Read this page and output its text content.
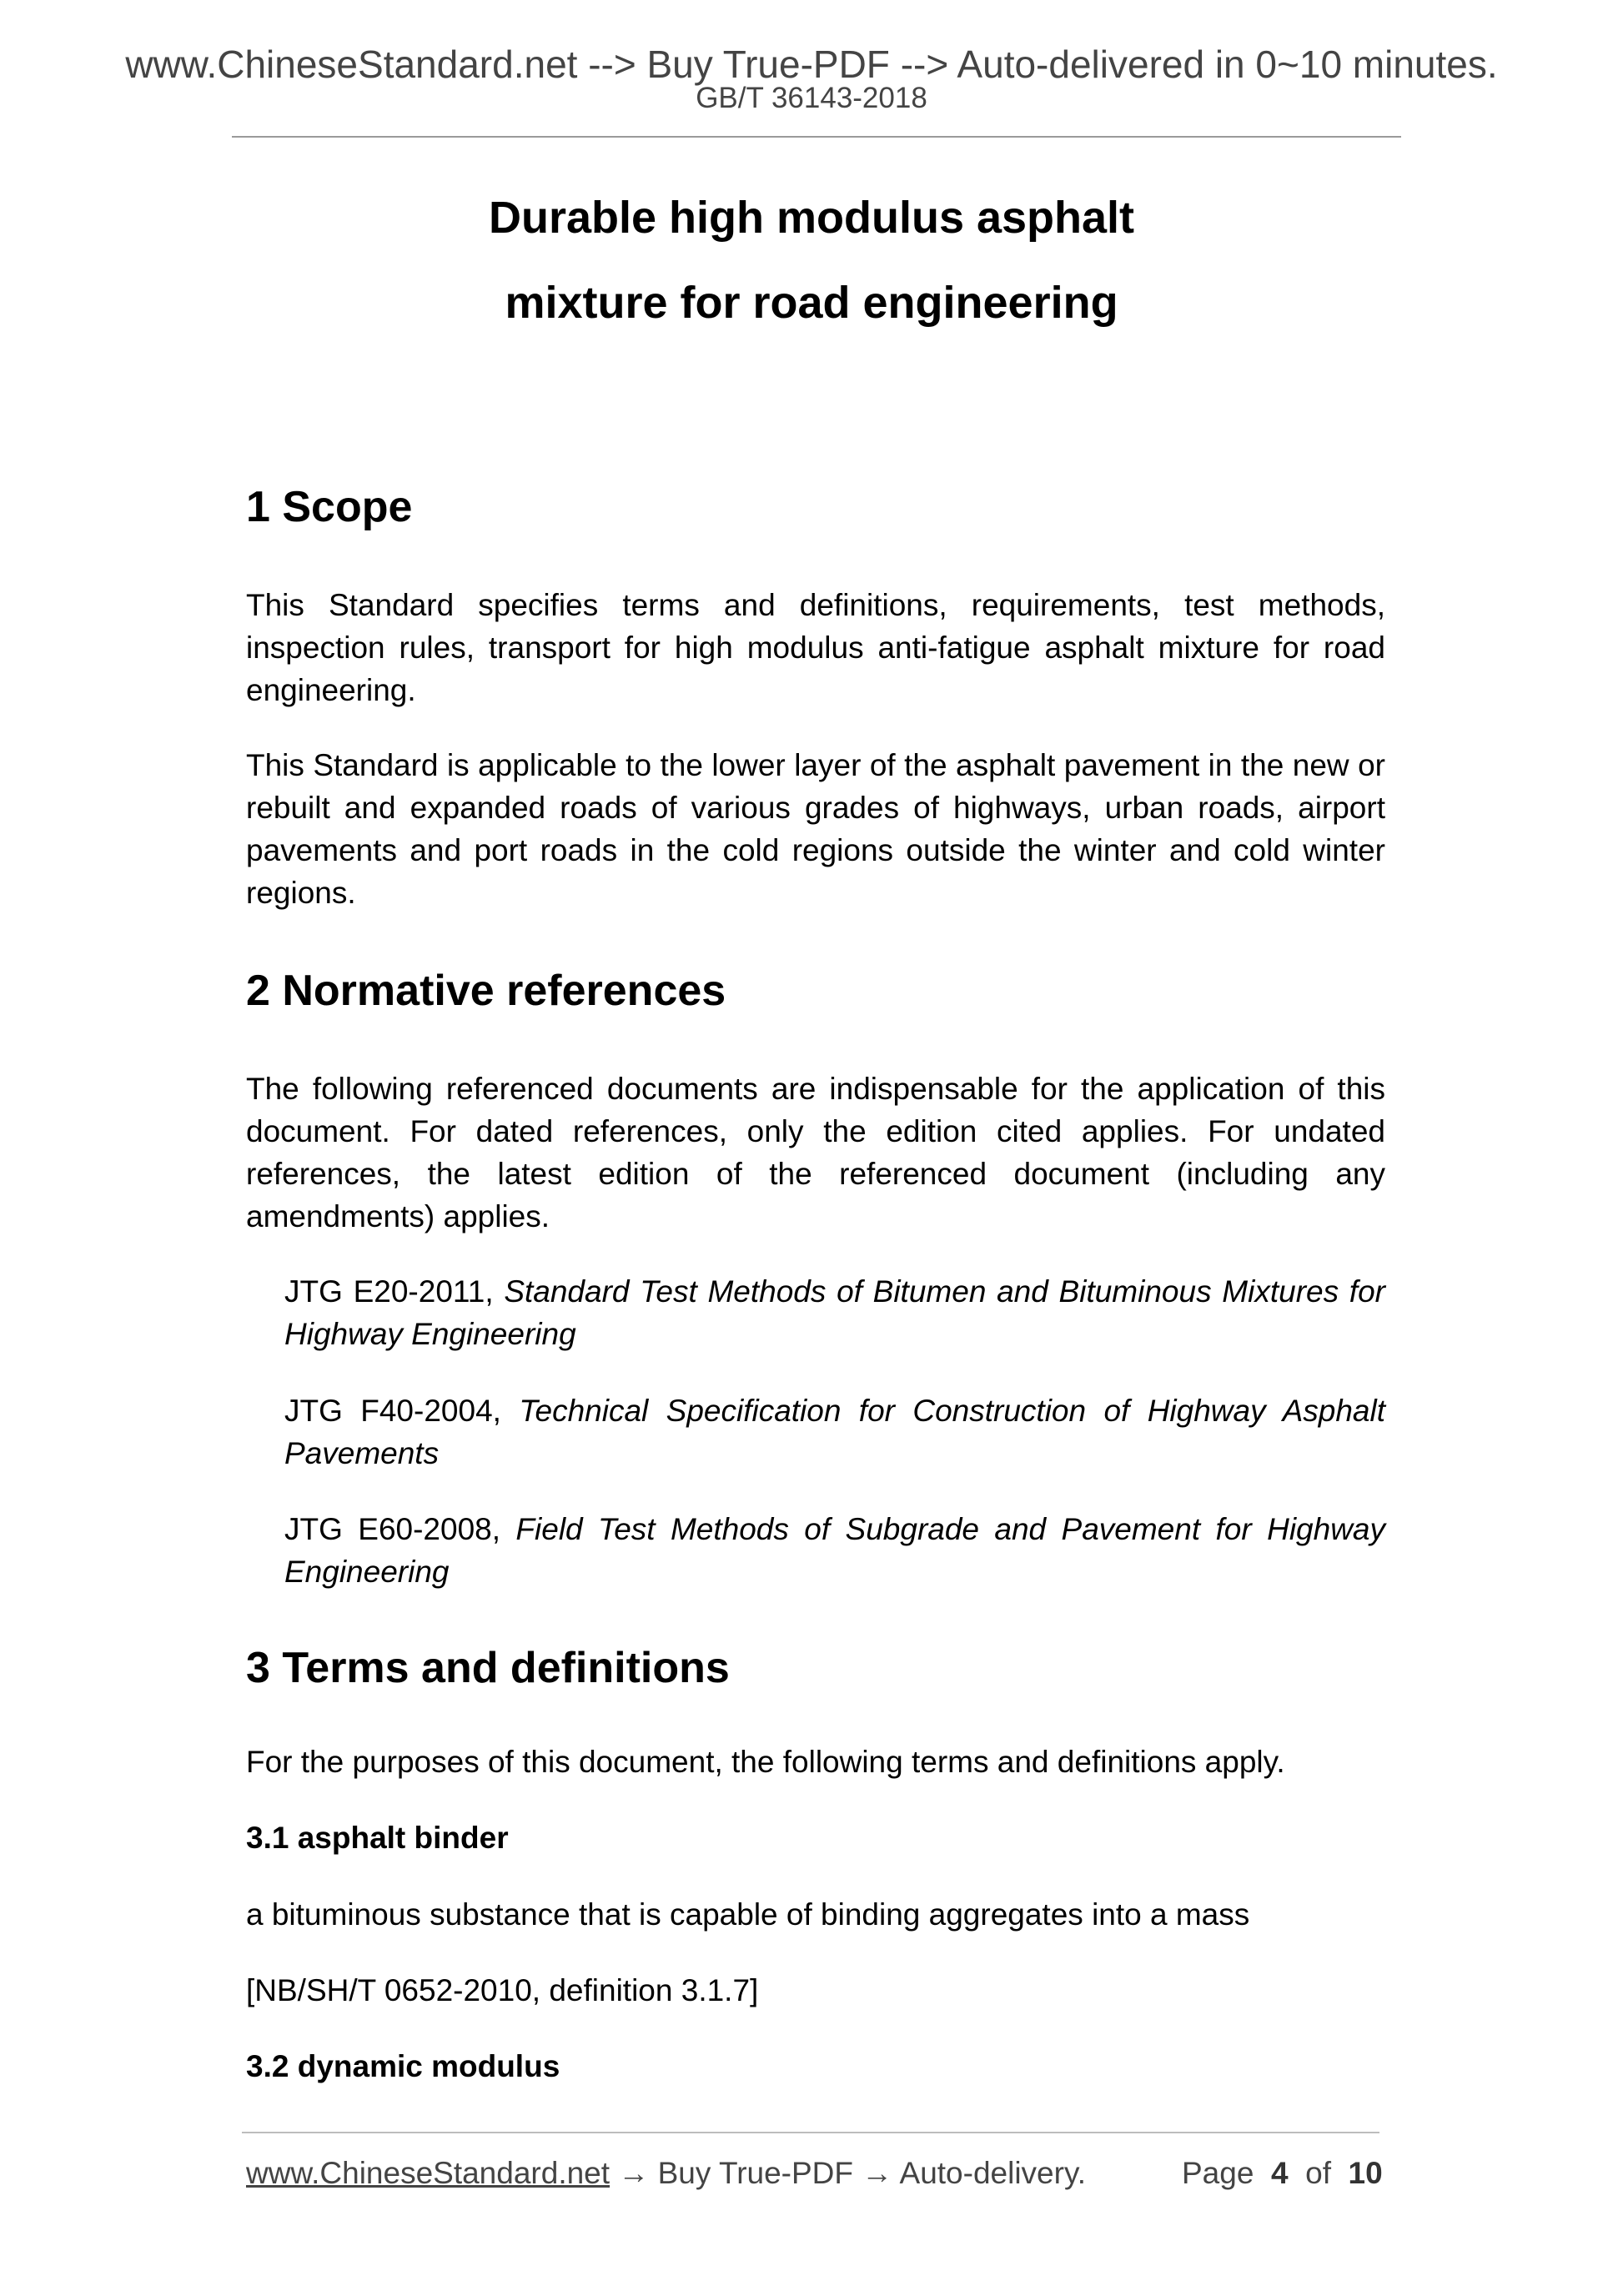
www.ChineseStandard.net --> Buy True-PDF --> Auto-delivered in 0~10 minutes.
GB/T 36143-2018
Durable high modulus asphalt
mixture for road engineering
1 Scope
This Standard specifies terms and definitions, requirements, test methods, inspection rules, transport for high modulus anti-fatigue asphalt mixture for road engineering.
This Standard is applicable to the lower layer of the asphalt pavement in the new or rebuilt and expanded roads of various grades of highways, urban roads, airport pavements and port roads in the cold regions outside the winter and cold winter regions.
2 Normative references
The following referenced documents are indispensable for the application of this document. For dated references, only the edition cited applies. For undated references, the latest edition of the referenced document (including any amendments) applies.
JTG E20-2011, Standard Test Methods of Bitumen and Bituminous Mixtures for Highway Engineering
JTG F40-2004, Technical Specification for Construction of Highway Asphalt Pavements
JTG E60-2008, Field Test Methods of Subgrade and Pavement for Highway Engineering
3 Terms and definitions
For the purposes of this document, the following terms and definitions apply.
3.1 asphalt binder
a bituminous substance that is capable of binding aggregates into a mass
[NB/SH/T 0652-2010, definition 3.1.7]
3.2 dynamic modulus
www.ChineseStandard.net → Buy True-PDF → Auto-delivery.	Page 4 of 10
